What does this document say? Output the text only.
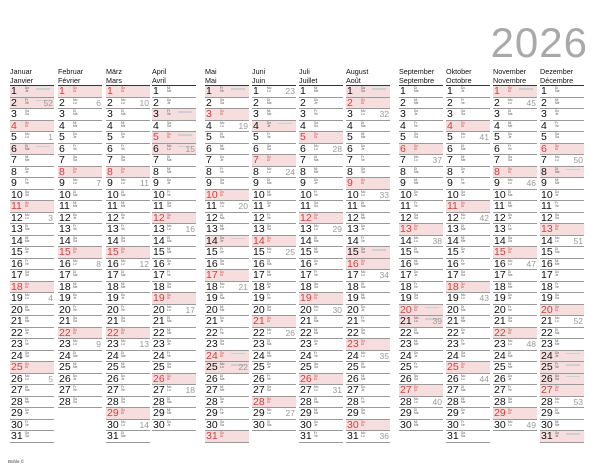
2026
Januar
Janvier
1	Do
Je
2	Fr
Ve	52
3	Sa
Sa
4	So
Di
5	Mo
Lu	1
6	Di
Ma
7	Mi
Me
8	Do
Je
9	Fr
Ve
10 Sa
Sa
11 So
Di
12 Mo
Lu	3
13 Di
Ma
14 Mi
Me
15 Do
Je
16 Fr
Ve
17 Sa
Sa
18 So
Di
19 Mo
Lu	4
20 Di
Ma
21 Mi
Me
22 Do
Je
23 Fr
Ve
24 Sa
Sa
25 So
Di
26 Mo
Lu	5
27 Di
Ma
28 Mi
Me
29 Do
Je
30 Fr
Ve
31 Sa
Sa
Februar
Février
1	So
Di
2	Mo
Lu	6
3	Di
Ma
4	Mi
Me
5	Do
Je
6	Fr
Ve
7	Sa
Sa
8	So
Di
9	Mo
Lu	7
10 Di
Ma
11 Mi
Me
12 Do
Je
13 Fr
Ve
14 Sa
Sa
15 So
Di
16 Mo
Lu	8
17 Di
Ma
18 Mi
Me
19 Do
Je
20 Fr
Ve
21 Sa
Sa
22 So
Di
23 Mo
Lu	9
24 Di
Ma
25 Mi
Me
26 Do
Je
27 Fr
Ve
28 Sa
Sa
März
Mars
1	So
Di
2	Mo
Lu	10
3	Di
Ma
4	Mi
Me
5	Do
Je
6	Fr
Ve
7	Sa
Sa
8	So
Di
9	Mo
Lu	11
10 Di
Ma
11 Mi
Me
12 Do
Je
13 Fr
Ve
14 Sa
Sa
15 So
Di
16 Mo
Lu	12
17 Di
Ma
18 Mi
Me
19 Do
Je
20 Fr
Ve
21 Sa
Sa
22 So
Di
23 Mo
Lu	13
24 Di
Ma
25 Mi
Me
26 Do
Je
27 Fr
Ve
28 Sa
Sa
29 So
Di
30 Mo
Lu	14
31 Di
Ma
April
Avril
1	Mi
Me
2	Do
Je
3	Fr
Ve
4	Sa
Sa
5	So
Di
6	Mo
Lu	15
7	Di
Ma
8	Mi
Me
9	Do
Je
10 Fr
Ve
11 Sa
Sa
12 So
Di
13 Mo
Lu	16
14 Di
Ma
15 Mi
Me
16 Do
Je
17 Fr
Ve
18 Sa
Sa
19 So
Di
20 Mo
Lu	17
21 Di
Ma
22 Mi
Me
23 Do
Je
24 Fr
Ve
25 Sa
Sa
26 So
Di
27 Mo
Lu	18
28 Di
Ma
29 Mi
Me
30 Do
Je
Mai
Mai
1	Fr
Ve
2	Sa
Sa
3	So
Di
4	Mo
Lu	19
5	Di
Ma
6	Mi
Me
7	Do
Je
8	Fr
Ve
9	Sa
Sa
10 So
Di
11 Mo
Lu	20
12 Di
Ma
13 Mi
Me
14 Do
Je
15 Fr
Ve
16 Sa
Sa
17 So
Di
18 Mo
Lu	21
19 Di
Ma
20 Mi
Me
21 Do
Je
22 Fr
Ve
23 Sa
Sa
24 So
Di
25 Mo
Lu	22
26 Di
Ma
27 Mi
Me
28 Do
Je
29 Fr
Ve
30 Sa
Sa
31 So
Di
Juni
Juin
1	Mo
Lu	23
2	Di
Ma
3	Mi
Me
4	Do
Je
5	Fr
Ve
6	Sa
Sa
7	So
Di
8	Mo
Lu	24
9	Di
Ma
10 Mi
Me
11 Do
Je
12 Fr
Ve
13 Sa
Sa
14 So
Di
15 Mo
Lu	25
16 Di
Ma
17 Mi
Me
18 Do
Je
19 Fr
Ve
20 Sa
Sa
21 So
Di
22 Mo
Lu	26
23 Di
Ma
24 Mi
Me
25 Do
Je
26 Fr
Ve
27 Sa
Sa
28 So
Di
29 Mo
Lu	27
30 Di
Ma
Juli
Juillet
1	Mi
Me
2	Do
Je
3	Fr
Ve
4	Sa
Sa
5	So
Di
6	Mo
Lu	28
7	Di
Ma
8	Mi
Me
9	Do
Je
10 Fr
Ve
11 Sa
Sa
12 So
Di
13 Mo
Lu	29
14 Di
Ma
15 Mi
Me
16 Do
Je
17 Fr
Ve
18 Sa
Sa
19 So
Di
20 Mo
Lu	30
21 Di
Ma
22 Mi
Me
23 Do
Je
24 Fr
Ve
25 Sa
Sa
26 So
Di
27 Mo
Lu	31
28 Di
Ma
29 Mi
Me
30 Do
Je
31 Fr
Ve
August
Août
1	Sa
Sa
2	So
Di
3	Mo
Lu	32
4	Di
Ma
5	Mi
Me
6	Do
Je
7	Fr
Ve
8	Sa
Sa
9	So
Di
10 Mo
Lu	33
11 Di
Ma
12 Mi
Me
13 Do
Je
14 Fr
Ve
15 Sa
Sa
16 So
Di
17 Mo
Lu	34
18 Di
Ma
19 Mi
Me
20 Do
Je
21 Fr
Ve
22 Sa
Sa
23 So
Di
24 Mo
Lu	35
25 Di
Ma
26 Mi
Me
27 Do
Je
28 Fr
Ve
29 Sa
Sa
30 So
Di
31 Mo
Lu	36
September
Septembre
1	Di
Ma
2	Mi
Me
3	Do
Je
4	Fr
Ve
5	Sa
Sa
6	So
Di
7	Mo
Lu	37
8	Di
Ma
9	Mi
Me
10 Do
Je
11 Fr
Ve
12 Sa
Sa
13 So
Di
14 Mo
Lu	38
15 Di
Ma
16 Mi
Me
17 Do
Je
18 Fr
Ve
19 Sa
Sa
20 So
Di
21 Mo
Lu	39
22 Di
Ma
23 Mi
Me
24 Do
Je
25 Fr
Ve
26 Sa
Sa
27 So
Di
28 Mo
Lu	40
29 Di
Ma
30 Mi
Me
Oktober
Octobre
1	Do
Je
2	Fr
Ve
3	Sa
Sa
4	So
Di
5	Mo
Lu	41
6	Di
Ma
7	Mi
Me
8	Do
Je
9	Fr
Ve
10 Sa
Sa
11 So
Di
12 Mo
Lu	42
13 Di
Ma
14 Mi
Me
15 Do
Je
16 Fr
Ve
17 Sa
Sa
18 So
Di
19 Mo
Lu	43
20 Di
Ma
21 Mi
Me
22 Do
Je
23 Fr
Ve
24 Sa
Sa
25 So
Di
26 Mo
Lu	44
27 Di
Ma
28 Mi
Me
29 Do
Je
30 Fr
Ve
31 Sa
Sa
November
Novembre
1	So
Di
2	Mo
Lu	45
3	Di
Ma
4	Mi
Me
5	Do
Je
6	Fr
Ve
7	Sa
Sa
8	So
Di
9	Mo
Lu	46
10 Di
Ma
11 Mi
Me
12 Do
Je
13 Fr
Ve
14 Sa
Sa
15 So
Di
16 Mo
Lu	47
17 Di
Ma
18 Mi
Me
19 Do
Je
20 Fr
Ve
21 Sa
Sa
22 So
Di
23 Mo
Lu	48
24 Di
Ma
25 Mi
Me
26 Do
Je
27 Fr
Ve
28 Sa
Sa
29 So
Di
30 Mo
Lu	49
Dezember
Décembre
1	Di
Ma
2	Mi
Me
3	Do
Je
4	Fr
Ve
5	Sa
Sa
6	So
Di
7	Mo
Lu	50
8	Di
Ma
9	Mi
Me
10 Do
Je
11 Fr
Ve
12 Sa
Sa
13 So
Di
14 Mo
Lu	51
15 Di
Ma
16 Mi
Me
17 Do
Je
18 Fr
Ve
19 Sa
Sa
20 So
Di
21 Mo
Lu	52
22 Di
Ma
23 Mi
Me
24 Do
Je
25 Fr
Ve
26 Sa
Sa
27 So
Di
28 Mo
Lu	53
29 Di
Ma
30 Mi
Me
31 Do
Je
Bühle ©
